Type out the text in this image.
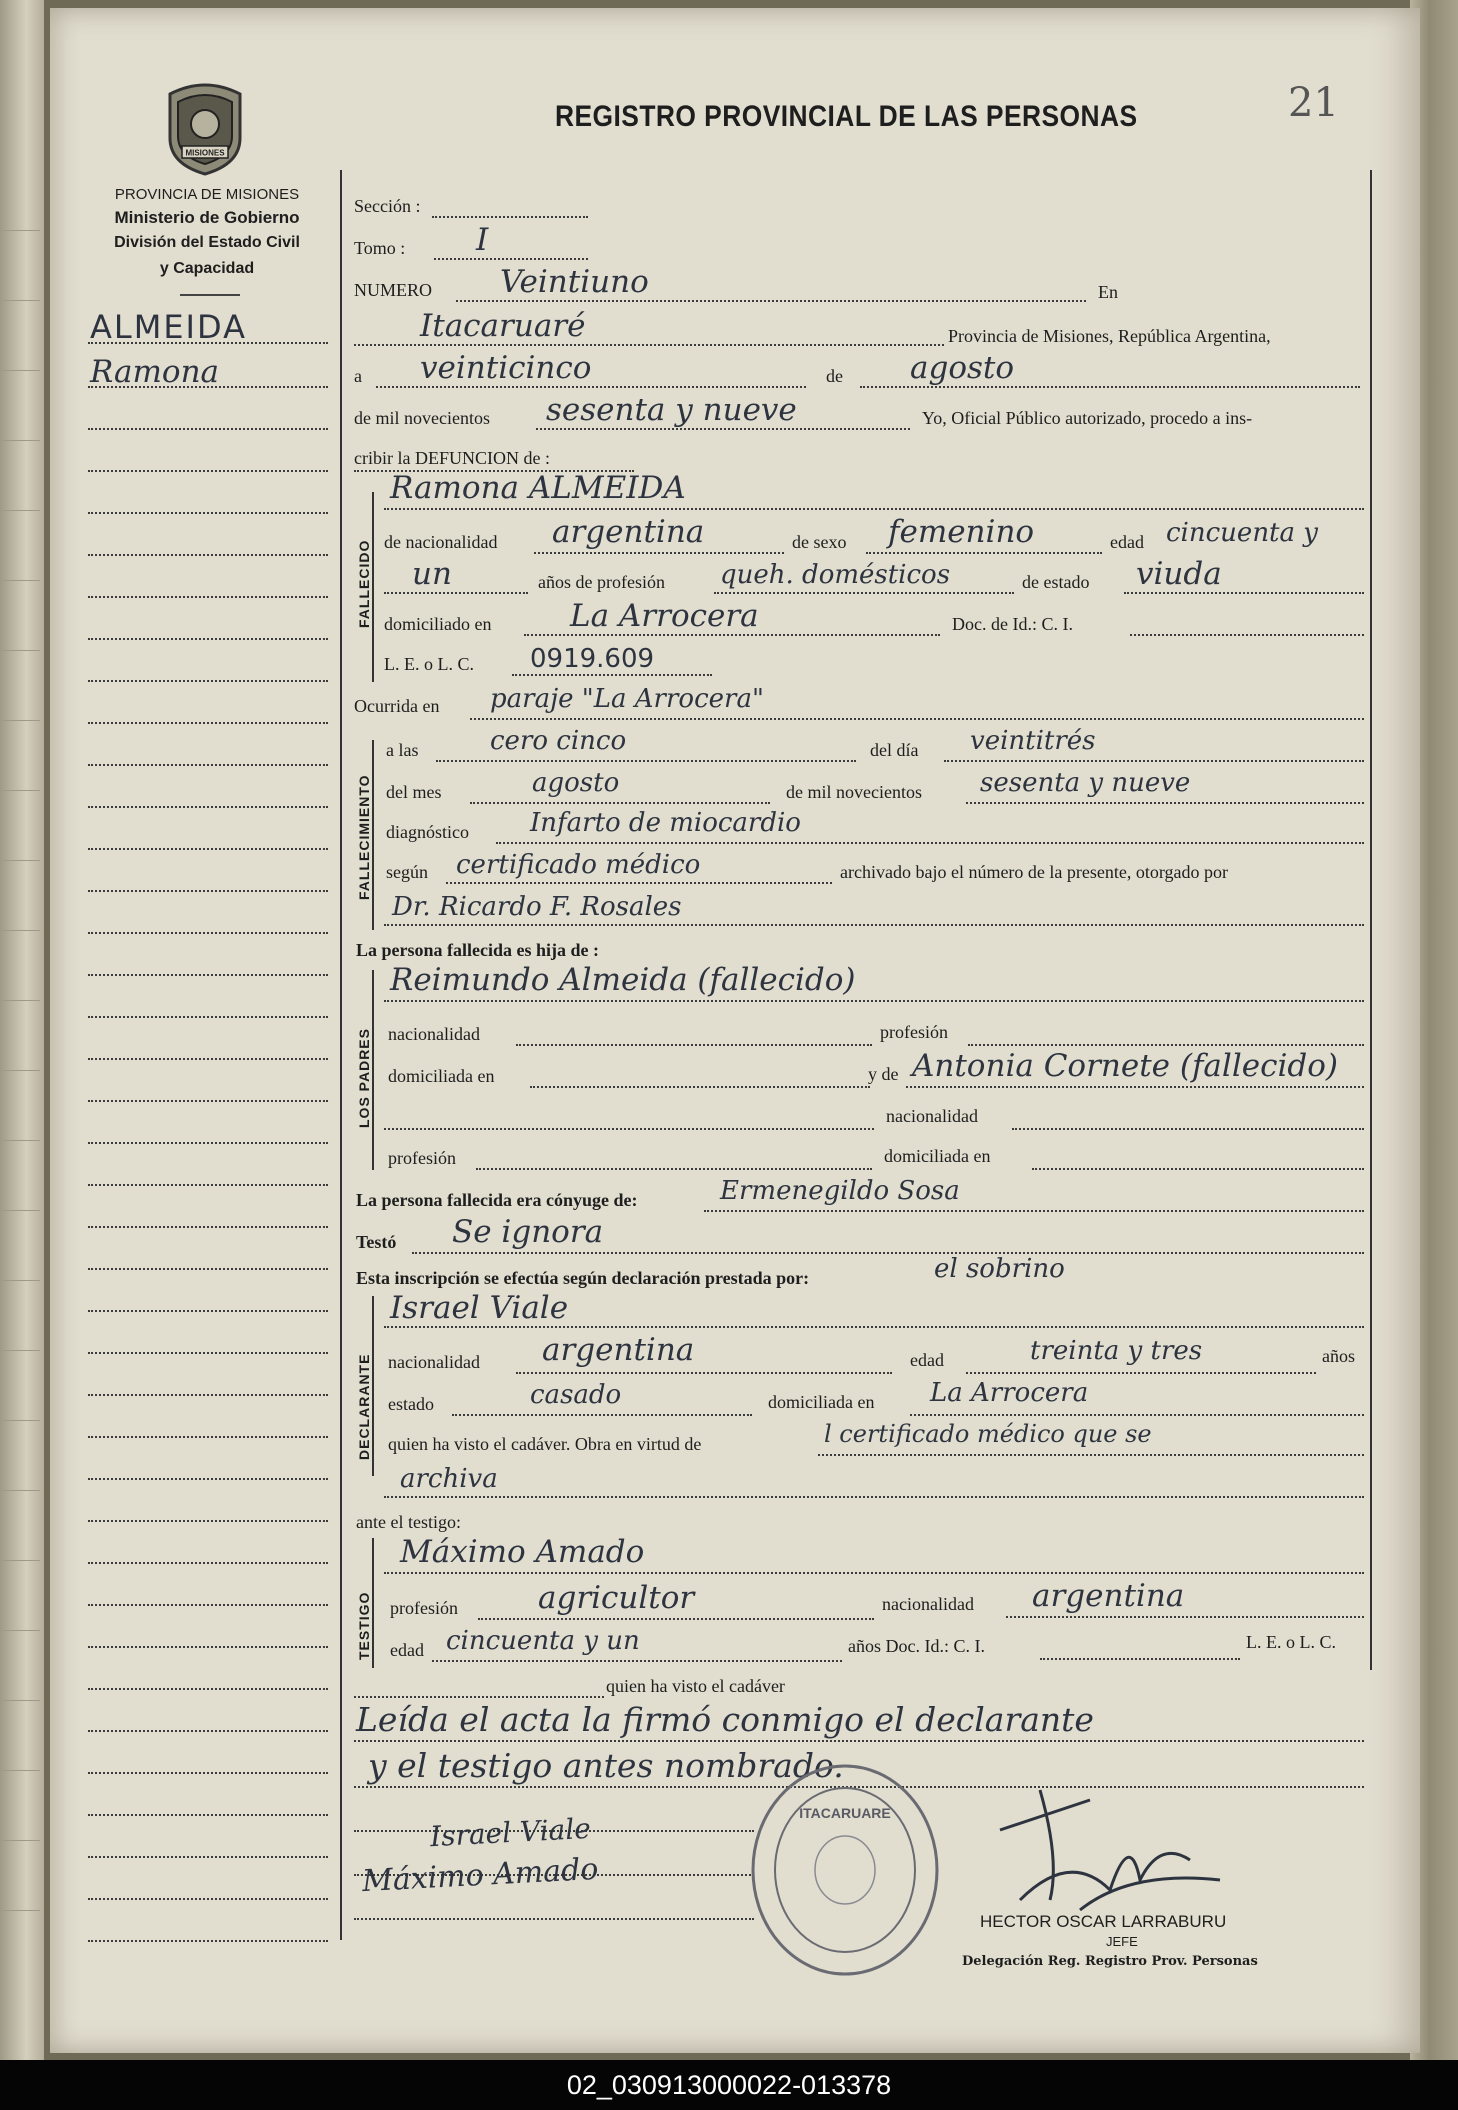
21
REGISTRO PROVINCIAL DE LAS PERSONAS
MISIONES
PROVINCIA DE MISIONES
Ministerio de Gobierno
División del Estado Civil
y Capacidad
ALMEIDA
Ramona
Sección :
Tomo : I
NUMERO Veintiuno	En
Itacaruaré	Provincia de Misiones, República Argentina,
a veinticinco	de agosto
de mil novecientos sesenta y nueve	Yo, Oficial Público autorizado, procedo a ins-
cribir la DEFUNCION de :
FALLECIDO
Ramona ALMEIDA
de nacionalidad argentina	de sexo femenino	edad cincuenta y
un	años de profesión queh. domésticos	de estado viuda
domiciliado en	La Arrocera	Doc. de Id.: C. I.
L. E. o L. C. 0919.609
Ocurrida en paraje "La Arrocera"
FALLECIMIENTO
a las	cero cinco	del día veintitrés
del mes	agosto	de mil novecientos sesenta y nueve
diagnóstico Infarto de miocardio
según certificado médico	archivado bajo el número de la presente, otorgado por
Dr. Ricardo F. Rosales
La persona fallecida es hija de :
LOS PADRES
Reimundo Almeida (fallecido)
nacionalidad	profesión
domiciliada en	y de Antonia Cornete (fallecido)
nacionalidad
profesión	domiciliada en
La persona fallecida era cónyuge de:	Ermenegildo Sosa
Testó Se ignora
Esta inscripción se efectúa según declaración prestada por:	el sobrino
DECLARANTE
Israel Viale
nacionalidad argentina	edad	treinta y tres	años
estado	casado	domiciliada en La Arrocera
quien ha visto el cadáver. Obra en virtud de	l certificado médico que se
archiva
ante el testigo:
TESTIGO
Máximo Amado
profesión	agricultor	nacionalidad argentina
edad cincuenta y un	años Doc. Id.: C. I.	L. E. o L. C.
quien ha visto el cadáver
Leída el acta la firmó conmigo el declarante
y el testigo antes nombrado.
Israel Viale
Máximo Amado
ITACARUARE
HECTOR OSCAR LARRABURU
JEFE
Delegación Reg. Registro Prov. Personas
02_030913000022-013378
